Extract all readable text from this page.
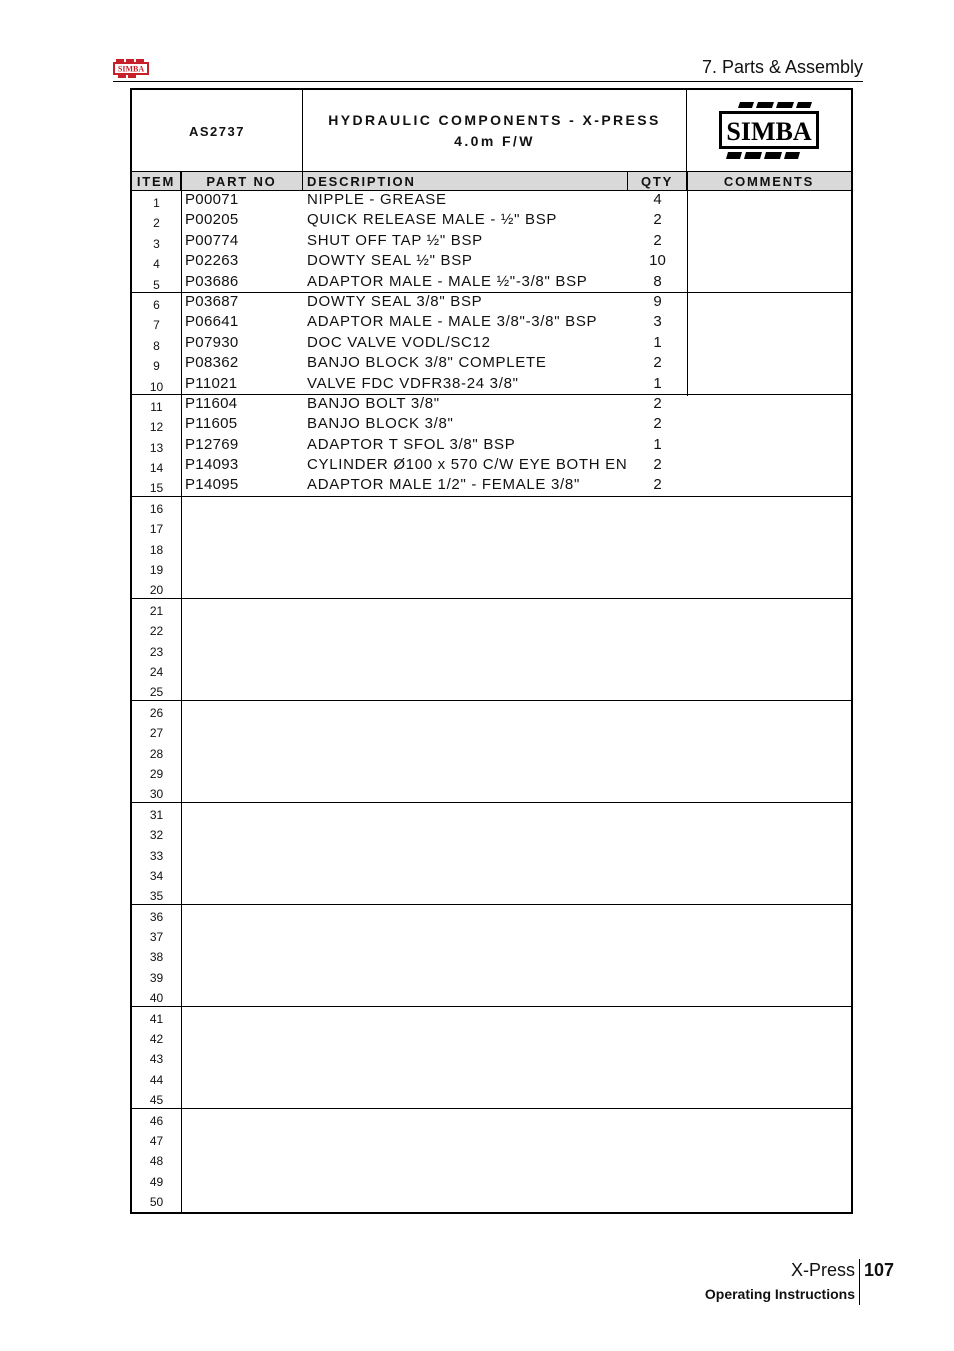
SIMBA	7. Parts & Assembly
AS2737
HYDRAULIC COMPONENTS - X-PRESS
4.0m F/W	SIMBA
ITEM	PART NO	DESCRIPTION	QTY	COMMENTS
1	P00071	NIPPLE - GREASE	4
2	P00205	QUICK RELEASE MALE - ½" BSP	2
3	P00774	SHUT OFF TAP ½" BSP	2
4	P02263	DOWTY SEAL ½" BSP	10
5	P03686	ADAPTOR MALE - MALE ½"-3/8" BSP	8
6	P03687	DOWTY SEAL 3/8" BSP	9
7	P06641	ADAPTOR MALE - MALE 3/8"-3/8" BSP	3
8	P07930	DOC VALVE VODL/SC12	1
9	P08362	BANJO BLOCK 3/8" COMPLETE	2
10	P11021	VALVE FDC VDFR38-24 3/8"	1
11	P11604	BANJO BOLT 3/8"	2
12	P11605	BANJO BLOCK 3/8"	2
13	P12769	ADAPTOR T SFOL 3/8" BSP	1
14	P14093	CYLINDER Ø100 x 570 C/W EYE BOTH EN	2
15	P14095	ADAPTOR MALE 1/2" - FEMALE 3/8"	2
16
17
18
19
20
21
22
23
24
25
26
27
28
29
30
31
32
33
34
35
36
37
38
39
40
41
42
43
44
45
46
47
48
49
50
X-Press 107
Operating Instructions
